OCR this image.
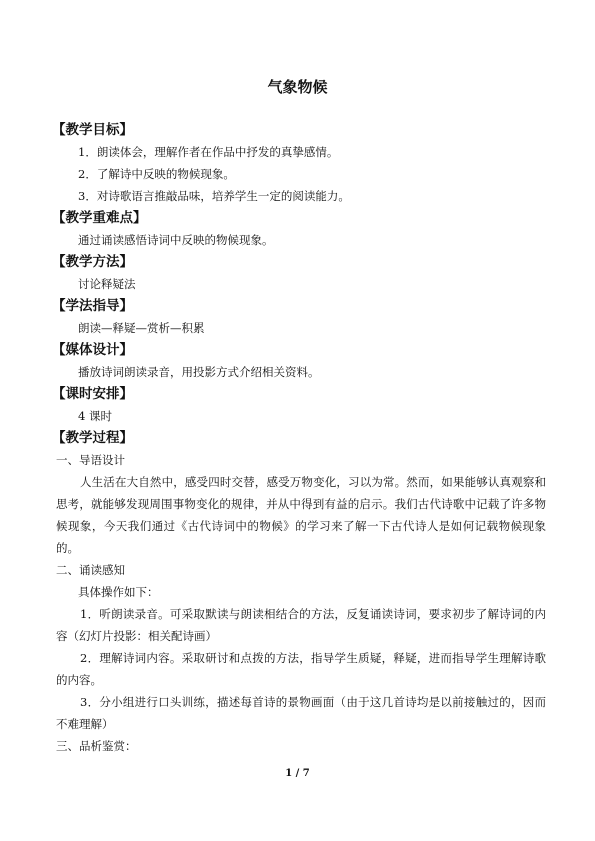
气象物候
【教学目标】
1．朗读体会，理解作者在作品中抒发的真挚感情。
2．了解诗中反映的物候现象。
3．对诗歌语言推敲品味，培养学生一定的阅读能力。
【教学重难点】
通过诵读感悟诗词中反映的物候现象。
【教学方法】
讨论释疑法
【学法指导】
朗读—释疑—赏析—积累
【媒体设计】
播放诗词朗读录音，用投影方式介绍相关资料。
【课时安排】
4 课时
【教学过程】
一、导语设计
人生活在大自然中，感受四时交替，感受万物变化，习以为常。然而，如果能够认真观察和思考，就能够发现周围事物变化的规律，并从中得到有益的启示。我们古代诗歌中记载了许多物候现象，今天我们通过《古代诗词中的物候》的学习来了解一下古代诗人是如何记载物候现象的。
二、诵读感知
具体操作如下：
1．听朗读录音。可采取默读与朗读相结合的方法，反复诵读诗词，要求初步了解诗词的内容（幻灯片投影：相关配诗画）
2．理解诗词内容。采取研讨和点拨的方法，指导学生质疑，释疑，进而指导学生理解诗歌的内容。
3．分小组进行口头训练，描述每首诗的景物画面（由于这几首诗均是以前接触过的，因而不难理解）
三、品析鉴赏：
1 / 7
